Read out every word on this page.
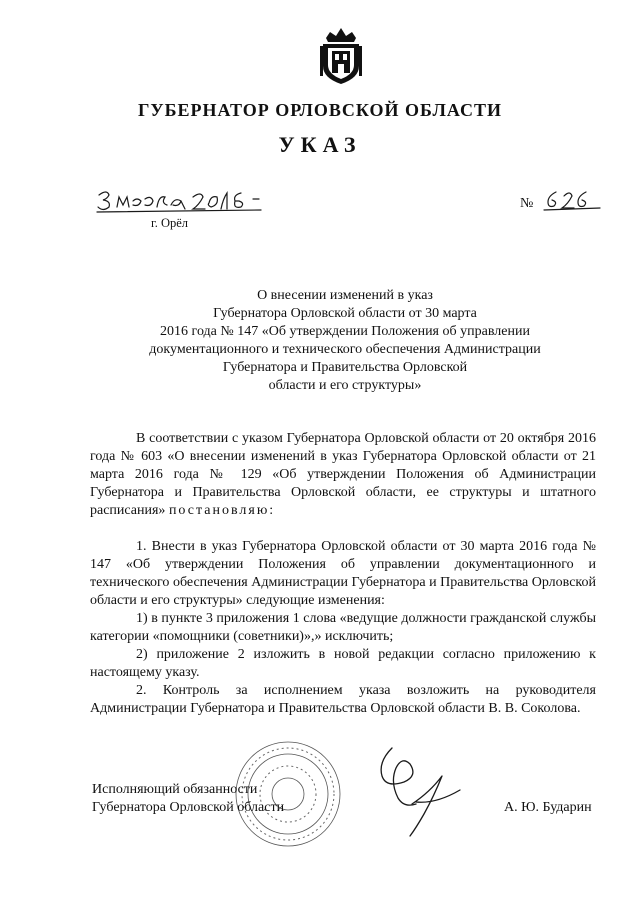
ГУБЕРНАТОР ОРЛОВСКОЙ ОБЛАСТИ
УКАЗ
№
г. Орёл
О внесении изменений в указ
Губернатора Орловской области от 30 марта
2016 года № 147 «Об утверждении Положения об управлении
документационного и технического обеспечения Администрации
Губернатора и Правительства Орловской
области и его структуры»

В соответствии с указом Губернатора Орловской области от 20 октября 2016 года № 603 «О внесении изменений в указ Губернатора Орловской области от 21 марта 2016 года № 129 «Об утверждении Положения об Администрации Губернатора и Правительства Орловской области, ее структуры и штатного расписания» постановляю:

1. Внести в указ Губернатора Орловской области от 30 марта 2016 года № 147 «Об утверждении Положения об управлении документационного и технического обеспечения Администрации Губернатора и Правительства Орловской области и его структуры» следующие изменения:

1) в пункте 3 приложения 1 слова «ведущие должности гражданской службы категории «помощники (советники)»,» исключить;

2) приложение 2 изложить в новой редакции согласно приложению к настоящему указу.

2. Контроль за исполнением указа возложить на руководителя Администрации Губернатора и Правительства Орловской области В. В. Соколова.

Исполняющий обязанности
Губернатора Орловской области	А. Ю. Бударин
